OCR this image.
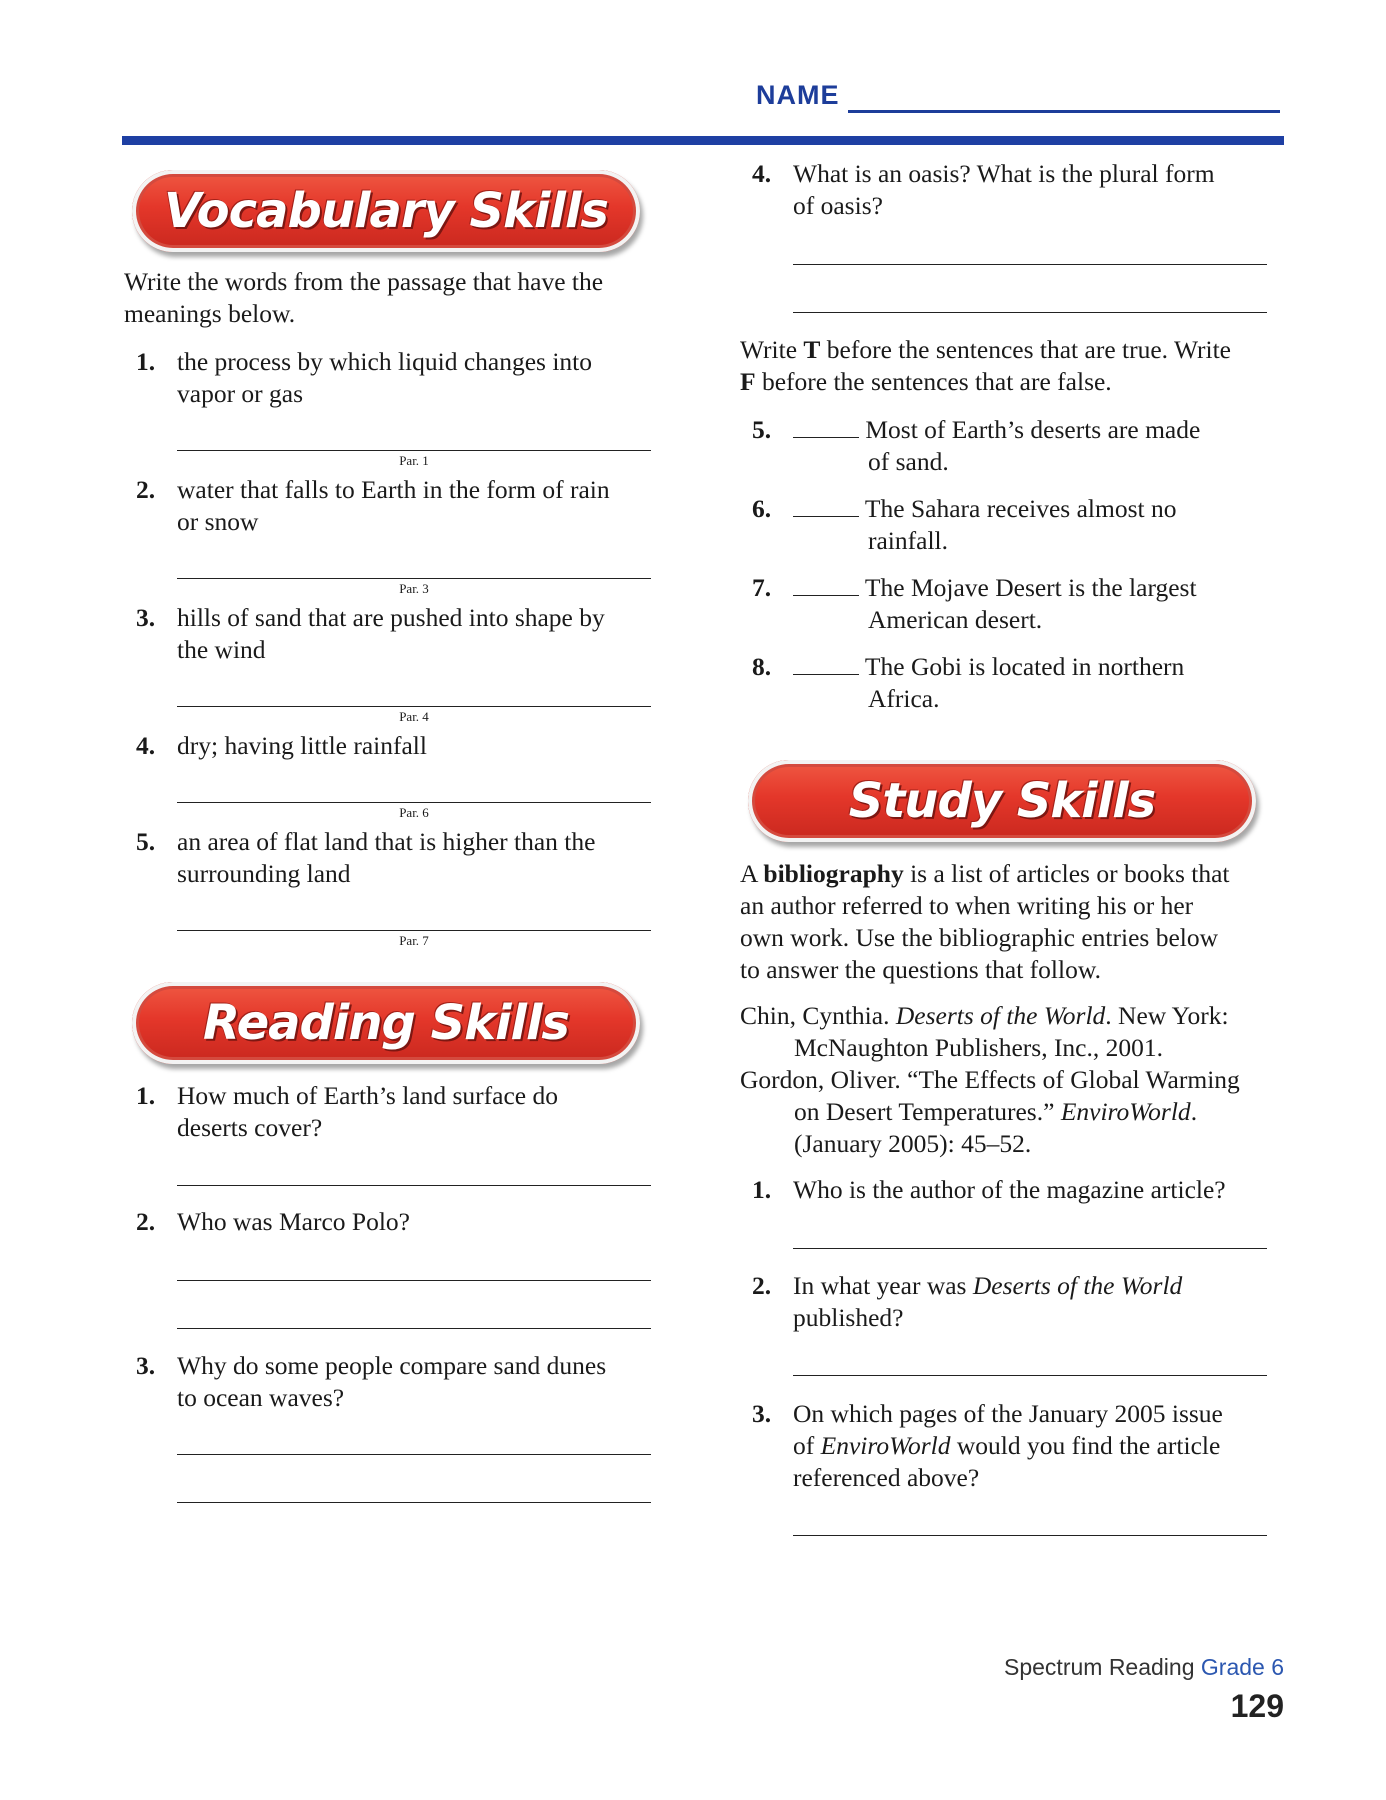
NAME
Vocabulary Skills
Write the words from the passage that have the meanings below.
1. the process by which liquid changes into
vapor or gas
Par. 1
2. water that falls to Earth in the form of rain
or snow
Par. 3
3. hills of sand that are pushed into shape by
the wind
Par. 4
4. dry; having little rainfall
Par. 6
5. an area of flat land that is higher than the
surrounding land
Par. 7
Reading Skills
1. How much of Earth’s land surface do
deserts cover?
2. Who was Marco Polo?
3. Why do some people compare sand dunes
to ocean waves?
4. What is an oasis? What is the plural form
of oasis?
Write T before the sentences that are true. Write
F before the sentences that are false.
5.	Most of Earth’s deserts are made
of sand.
6.	The Sahara receives almost no
rainfall.
7.	The Mojave Desert is the largest
American desert.
8.	The Gobi is located in northern
Africa.
Study Skills
A bibliography is a list of articles or books that
an author referred to when writing his or her
own work. Use the bibliographic entries below
to answer the questions that follow.
Chin, Cynthia. Deserts of the World. New York:
McNaughton Publishers, Inc., 2001.
Gordon, Oliver. “The Effects of Global Warming
on Desert Temperatures.” EnviroWorld.
(January 2005): 45–52.
1. Who is the author of the magazine article?
2. In what year was Deserts of the World
published?
3. On which pages of the January 2005 issue
of EnviroWorld would you find the article
referenced above?
Spectrum Reading Grade 6
129
